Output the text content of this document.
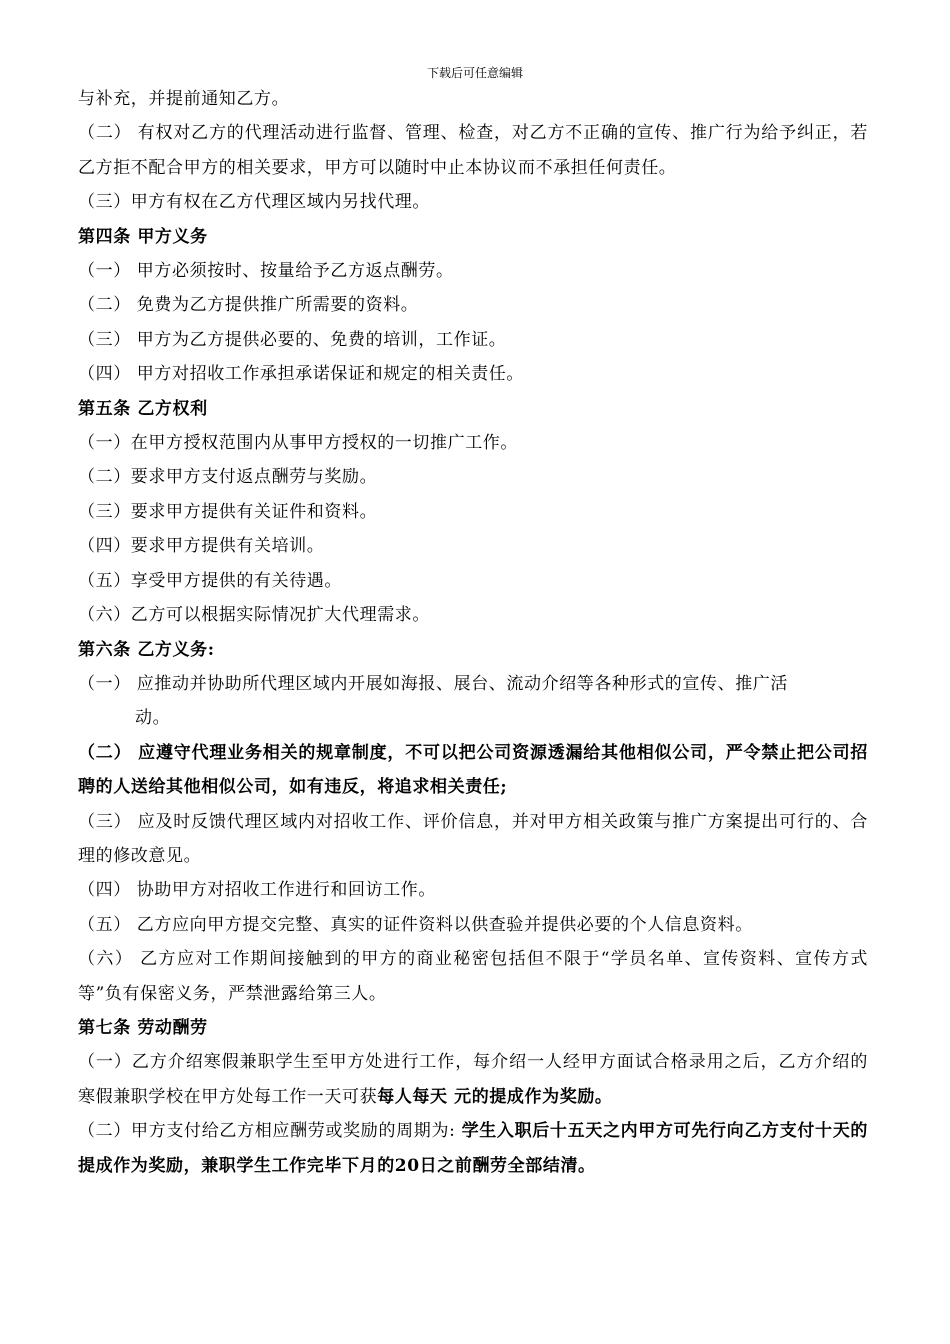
下载后可任意编辑

与补充，并提前通知乙方。

（二） 有权对乙方的代理活动进行监督、管理、检查，对乙方不正确的宣传、推广行为给予纠正，若乙方拒不配合甲方的相关要求，甲方可以随时中止本协议而不承担任何责任。

（三）甲方有权在乙方代理区域内另找代理。

第四条 甲方义务

（一） 甲方必须按时、按量给予乙方返点酬劳。

（二） 免费为乙方提供推广所需要的资料。

（三） 甲方为乙方提供必要的、免费的培训，工作证。

（四） 甲方对招收工作承担承诺保证和规定的相关责任。

第五条 乙方权利

（一）在甲方授权范围内从事甲方授权的一切推广工作。

（二）要求甲方支付返点酬劳与奖励。

（三）要求甲方提供有关证件和资料。

（四）要求甲方提供有关培训。

（五）享受甲方提供的有关待遇。

（六）乙方可以根据实际情况扩大代理需求。

第六条 乙方义务:

（一） 应推动并协助所代理区域内开展如海报、展台、流动介绍等各种形式的宣传、推广活

动。

（二） 应遵守代理业务相关的规章制度，不可以把公司资源透漏给其他相似公司，严令禁止把公司招聘的人送给其他相似公司，如有违反，将追求相关责任;

（三） 应及时反馈代理区域内对招收工作、评价信息，并对甲方相关政策与推广方案提出可行的、合理的修改意见。

（四） 协助甲方对招收工作进行和回访工作。

（五） 乙方应向甲方提交完整、真实的证件资料以供查验并提供必要的个人信息资料。

（六） 乙方应对工作期间接触到的甲方的商业秘密包括但不限于“学员名单、宣传资料、宣传方式等”负有保密义务，严禁泄露给第三人。

第七条 劳动酬劳

（一）乙方介绍寒假兼职学生至甲方处进行工作，每介绍一人经甲方面试合格录用之后，乙方介绍的寒假兼职学校在甲方处每工作一天可获每人每天 元的提成作为奖励。

（二）甲方支付给乙方相应酬劳或奖励的周期为: 学生入职后十五天之内甲方可先行向乙方支付十天的提成作为奖励，兼职学生工作完毕下月的20日之前酬劳全部结清。
